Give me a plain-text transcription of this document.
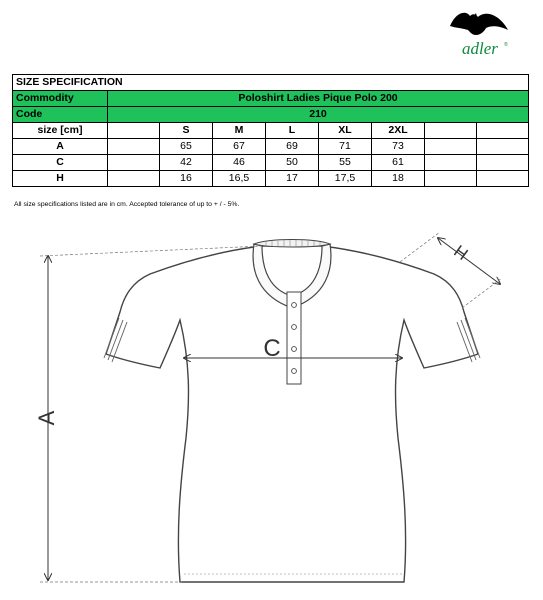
adler ®
SIZE SPECIFICATION								
Commodity	Poloshirt Ladies Pique Polo 200							
Code	210							
size [cm]		S	M	L	XL	2XL		
A		65	67	69	71	73		
C		42	46	50	55	61		
H		16	16,5	17	17,5	18		
All size specifications listed are in cm. Accepted tolerance of up to + / - 5%.
A
C
H
